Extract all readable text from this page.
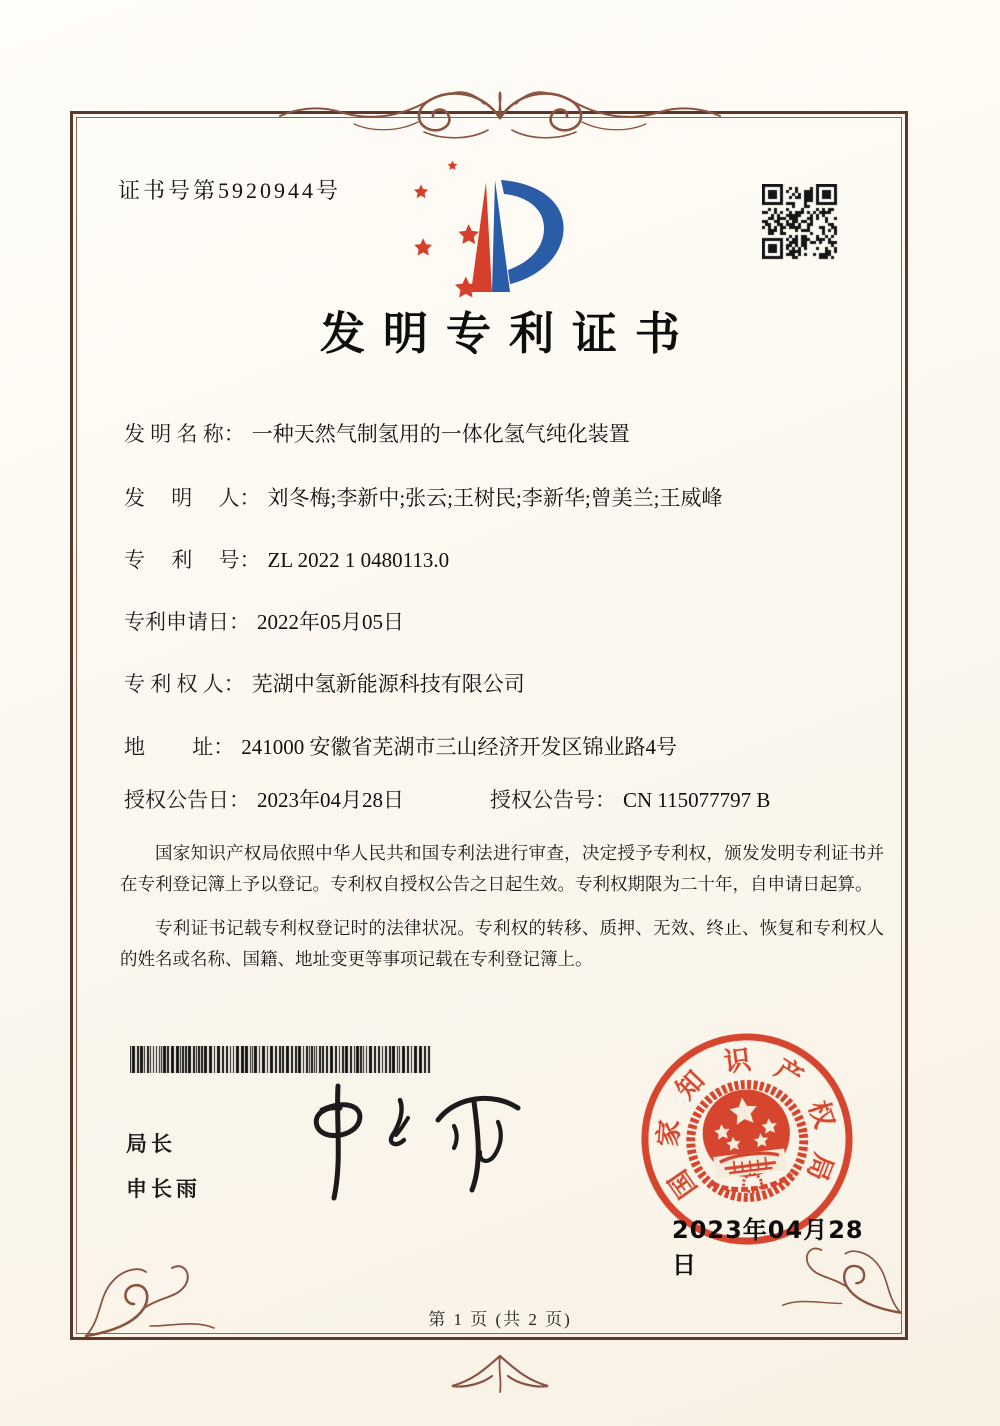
证书号第5920944号
发明专利证书
发 明 名 称： 一种天然气制氢用的一体化氢气纯化装置
发　 明　 人： 刘冬梅;李新中;张云;王树民;李新华;曾美兰;王威峰
专　 利　 号： ZL 2022 1 0480113.0
专利申请日： 2022年05月05日
专 利 权 人： 芜湖中氢新能源科技有限公司
地　　 址： 241000 安徽省芜湖市三山经济开发区锦业路4号
授权公告日： 2023年04月28日	授权公告号： CN 115077797 B

国家知识产权局依照中华人民共和国专利法进行审查，决定授予专利权，颁发发明专利证书并在专利登记簿上予以登记。专利权自授权公告之日起生效。专利权期限为二十年，自申请日起算。

专利证书记载专利权登记时的法律状况。专利权的转移、质押、无效、终止、恢复和专利权人的姓名或名称、国籍、地址变更等事项记载在专利登记簿上。

局长
申长雨	国
家
知
识 产
权
局
2023年04月28日
第 1 页 (共 2 页)
